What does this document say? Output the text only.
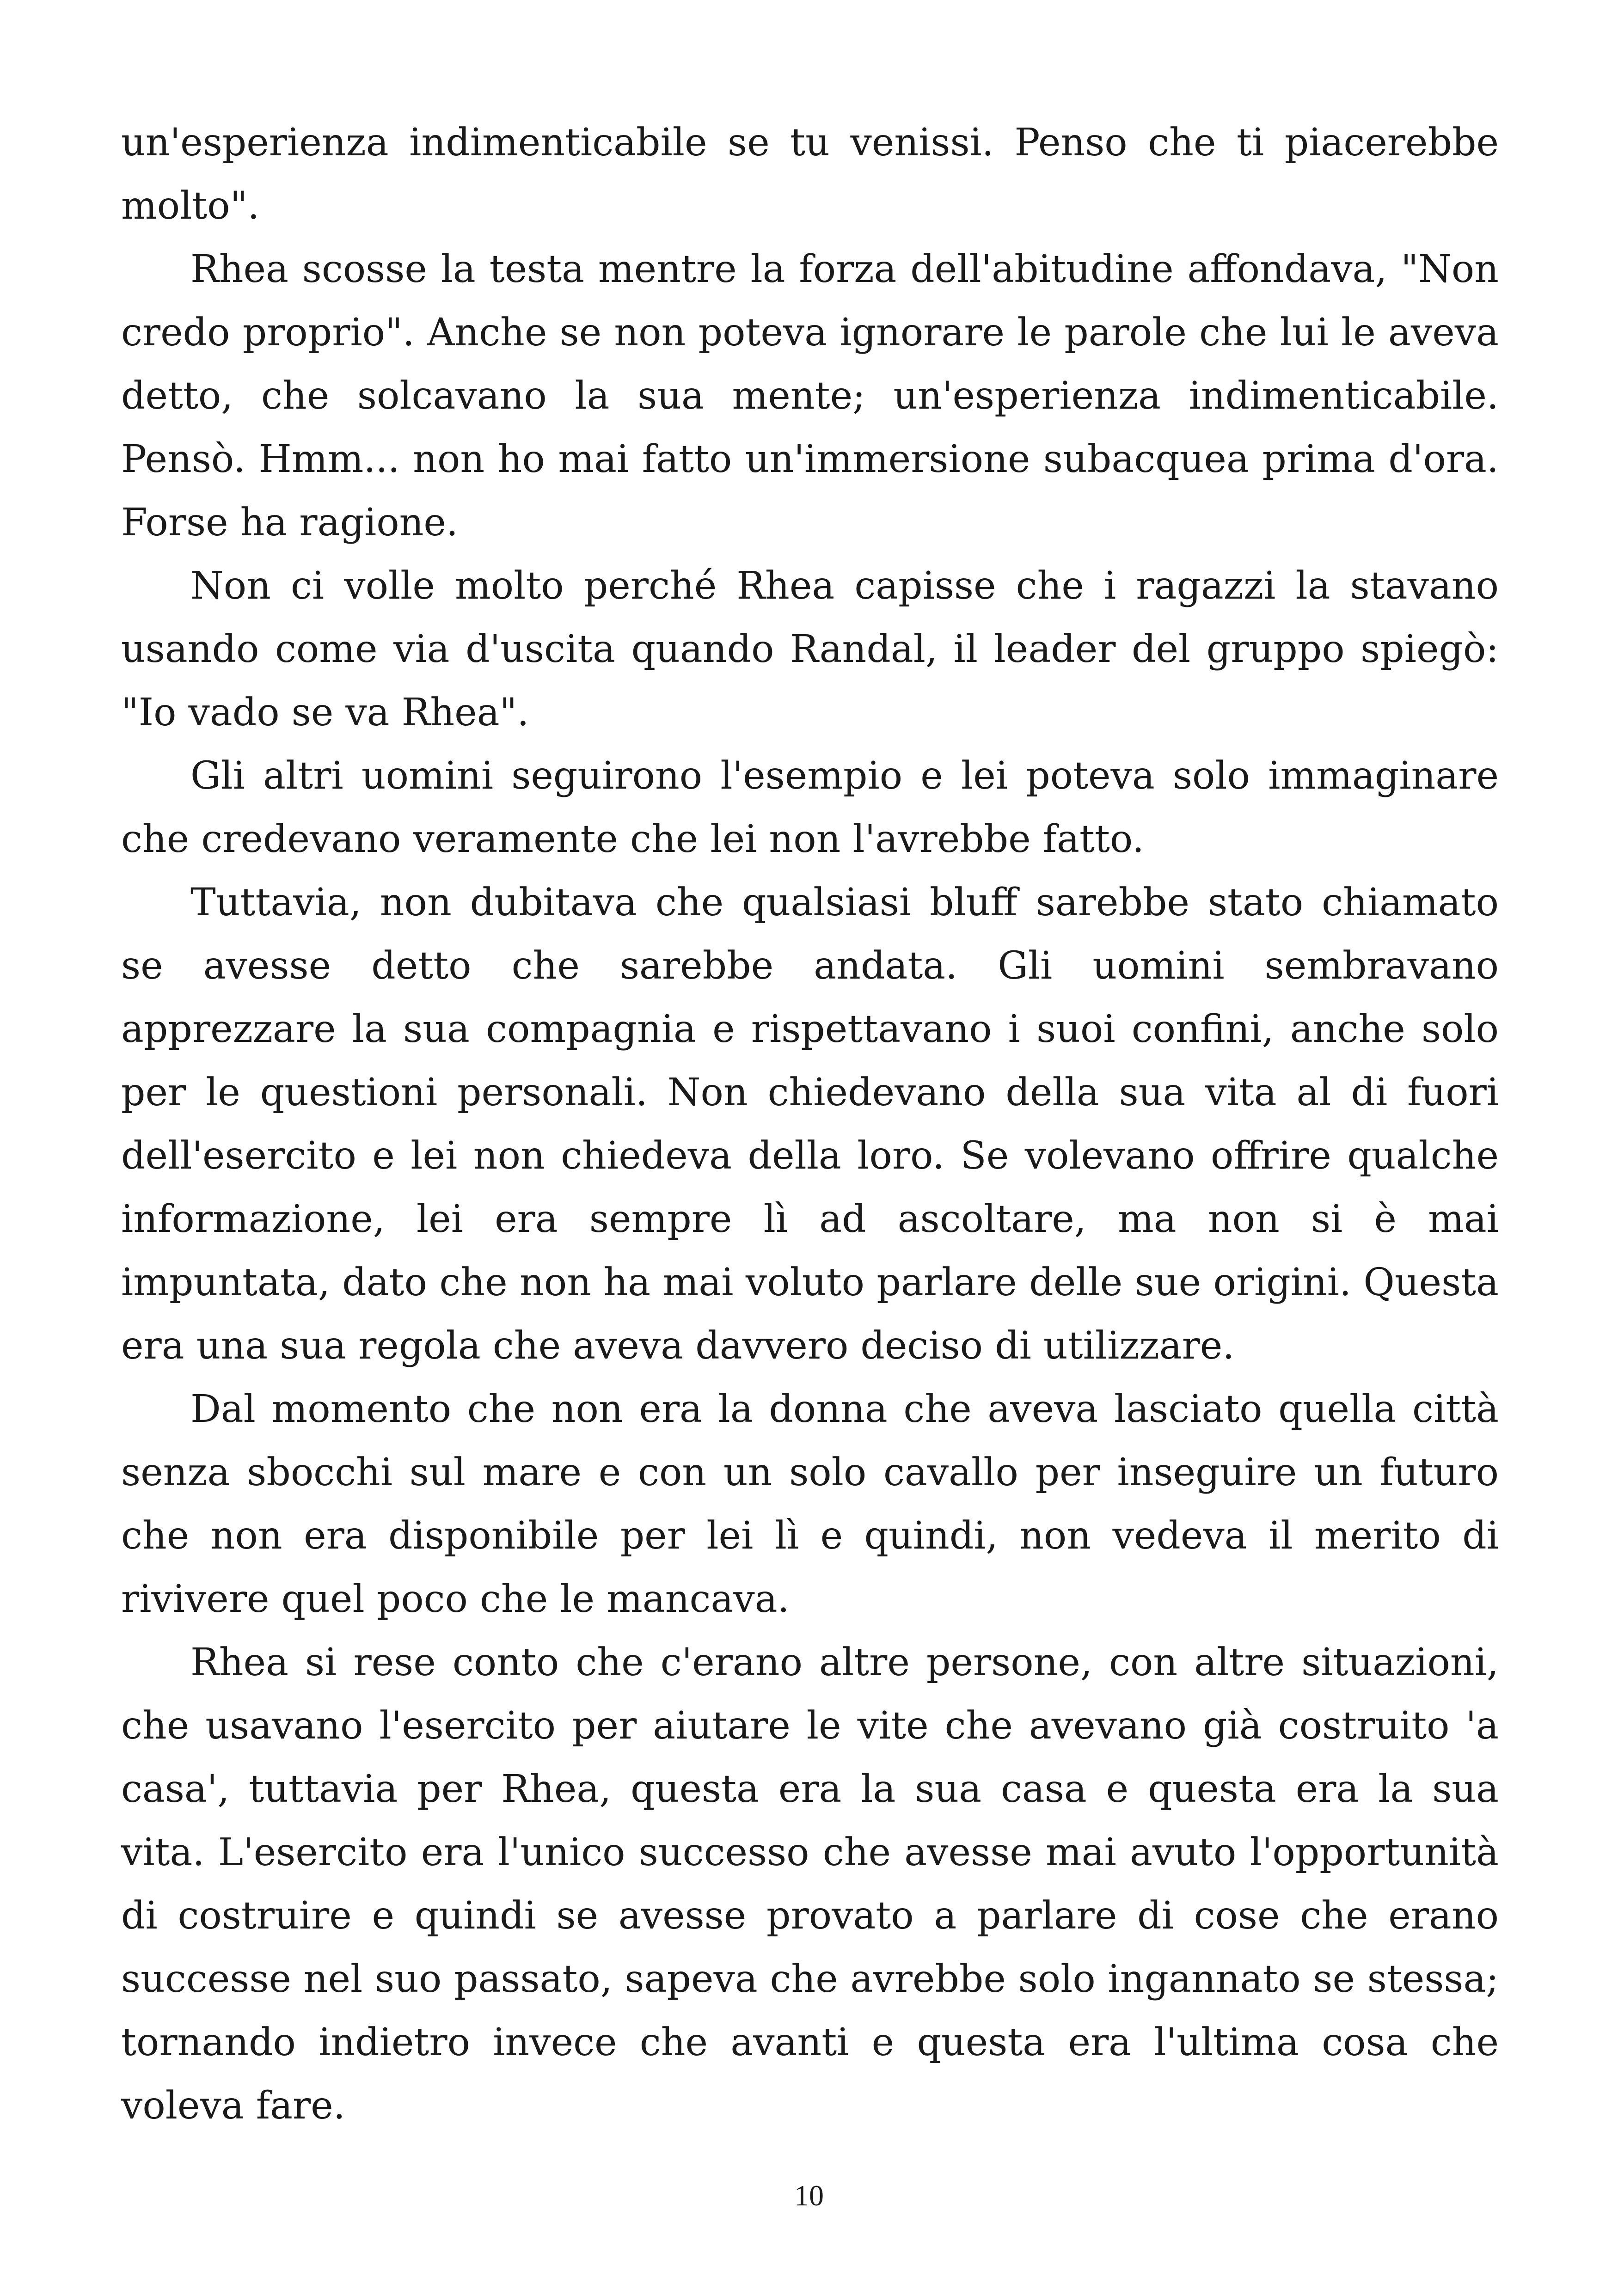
un'esperienza indimenticabile se tu venissi. Penso che ti piacerebbe molto".

Rhea scosse la testa mentre la forza dell'abitudine affondava, "Non credo proprio". Anche se non poteva ignorare le parole che lui le aveva detto, che solcavano la sua mente; un'esperienza indimenticabile. Pensò. Hmm... non ho mai fatto un'immersione subacquea prima d'ora. Forse ha ragione.

Non ci volle molto perché Rhea capisse che i ragazzi la stavano usando come via d'uscita quando Randal, il leader del gruppo spiegò: "Io vado se va Rhea".

Gli altri uomini seguirono l'esempio e lei poteva solo immaginare che credevano veramente che lei non l'avrebbe fatto.

Tuttavia, non dubitava che qualsiasi bluff sarebbe stato chiamato se avesse detto che sarebbe andata. Gli uomini sembravano apprezzare la sua compagnia e rispettavano i suoi confini, anche solo per le questioni personali. Non chiedevano della sua vita al di fuori dell'esercito e lei non chiedeva della loro. Se volevano offrire qualche informazione, lei era sempre lì ad ascoltare, ma non si è mai impuntata, dato che non ha mai voluto parlare delle sue origini. Questa era una sua regola che aveva davvero deciso di utilizzare.

Dal momento che non era la donna che aveva lasciato quella città senza sbocchi sul mare e con un solo cavallo per inseguire un futuro che non era disponibile per lei lì e quindi, non vedeva il merito di rivivere quel poco che le mancava.

Rhea si rese conto che c'erano altre persone, con altre situazioni, che usavano l'esercito per aiutare le vite che avevano già costruito 'a casa', tuttavia per Rhea, questa era la sua casa e questa era la sua vita. L'esercito era l'unico successo che avesse mai avuto l'opportunità di costruire e quindi se avesse provato a parlare di cose che erano successe nel suo passato, sapeva che avrebbe solo ingannato se stessa; tornando indietro invece che avanti e questa era l'ultima cosa che voleva fare.

10
